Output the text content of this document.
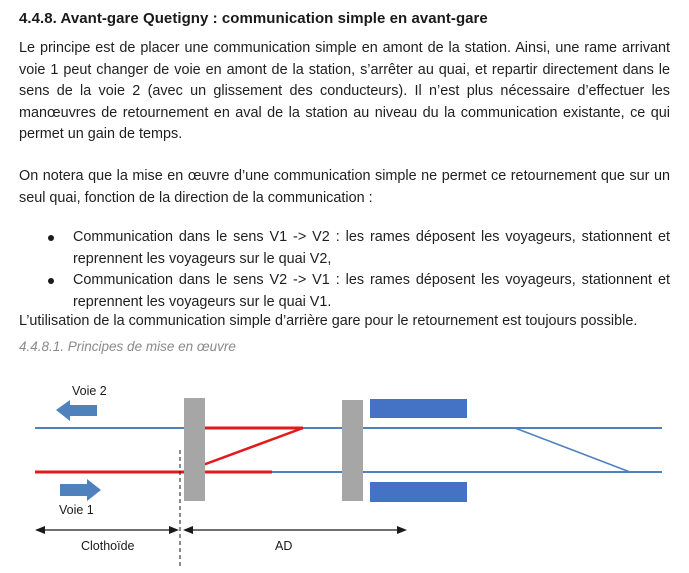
4.4.8. Avant-gare Quetigny : communication simple en avant-gare

Le principe est de placer une communication simple en amont de la station. Ainsi, une rame arrivant voie 1 peut changer de voie en amont de la station, s’arrêter au quai, et repartir directement dans le sens de la voie 2 (avec un glissement des conducteurs). Il n’est plus nécessaire d’effectuer les manœuvres de retournement en aval de la station au niveau du la communication existante, ce qui permet un gain de temps.

On notera que la mise en œuvre d’une communication simple ne permet ce retournement que sur un seul quai, fonction de la direction de la communication :

Communication dans le sens V1 -> V2 : les rames déposent les voyageurs, stationnent et reprennent les voyageurs sur le quai V2,
Communication dans le sens V2 -> V1 : les rames déposent les voyageurs, stationnent et reprennent les voyageurs sur le quai V1.

L’utilisation de la communication simple d’arrière gare pour le retournement est toujours possible.

4.4.8.1. Principes de mise en œuvre
Voie 2
Voie 1
Clothoïde	AD
